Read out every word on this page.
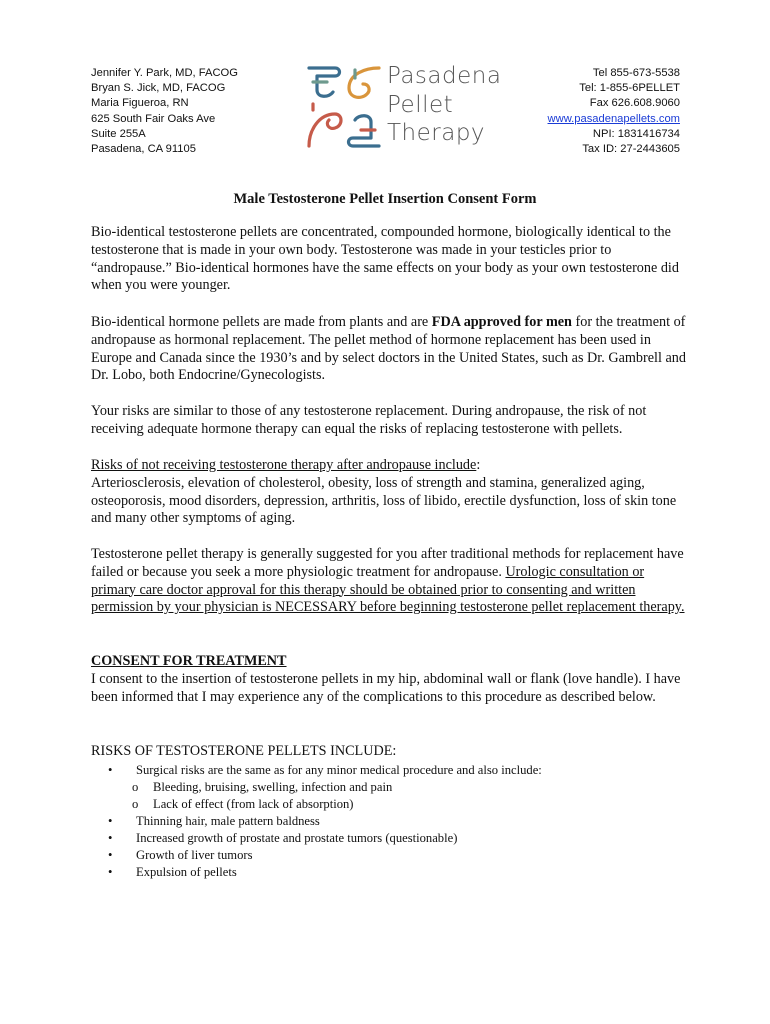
Jennifer Y. Park, MD, FACOG
Bryan S. Jick, MD, FACOG
Maria Figueroa, RN
625 South Fair Oaks Ave
Suite 255A
Pasadena, CA 91105
Pasadena
Pellet
Therapy
Tel 855-673-5538
Tel: 1-855-6PELLET
Fax 626.608.9060
www.pasadenapellets.com
NPI: 1831416734
Tax ID: 27-2443605
Male Testosterone Pellet Insertion Consent Form
Bio-identical testosterone pellets are concentrated, compounded hormone, biologically identical to the testosterone that is made in your own body. Testosterone was made in your testicles prior to “andropause.” Bio-identical hormones have the same effects on your body as your own testosterone did when you were younger.
Bio-identical hormone pellets are made from plants and are FDA approved for men for the treatment of andropause as hormonal replacement. The pellet method of hormone replacement has been used in Europe and Canada since the 1930’s and by select doctors in the United States, such as Dr. Gambrell and Dr. Lobo, both Endocrine/Gynecologists.
Your risks are similar to those of any testosterone replacement. During andropause, the risk of not receiving adequate hormone therapy can equal the risks of replacing testosterone with pellets.
Risks of not receiving testosterone therapy after andropause include:
Arteriosclerosis, elevation of cholesterol, obesity, loss of strength and stamina, generalized aging, osteoporosis, mood disorders, depression, arthritis, loss of libido, erectile dysfunction, loss of skin tone and many other symptoms of aging.
Testosterone pellet therapy is generally suggested for you after traditional methods for replacement have failed or because you seek a more physiologic treatment for andropause. Urologic consultation or primary care doctor approval for this therapy should be obtained prior to consenting and written permission by your physician is NECESSARY before beginning testosterone pellet replacement therapy.
CONSENT FOR TREATMENT
I consent to the insertion of testosterone pellets in my hip, abdominal wall or flank (love handle). I have been informed that I may experience any of the complications to this procedure as described below.
RISKS OF TESTOSTERONE PELLETS INCLUDE:
• Surgical risks are the same as for any minor medical procedure and also include:
o Bleeding, bruising, swelling, infection and pain
o Lack of effect (from lack of absorption)
• Thinning hair, male pattern baldness
• Increased growth of prostate and prostate tumors (questionable)
• Growth of liver tumors
• Expulsion of pellets
